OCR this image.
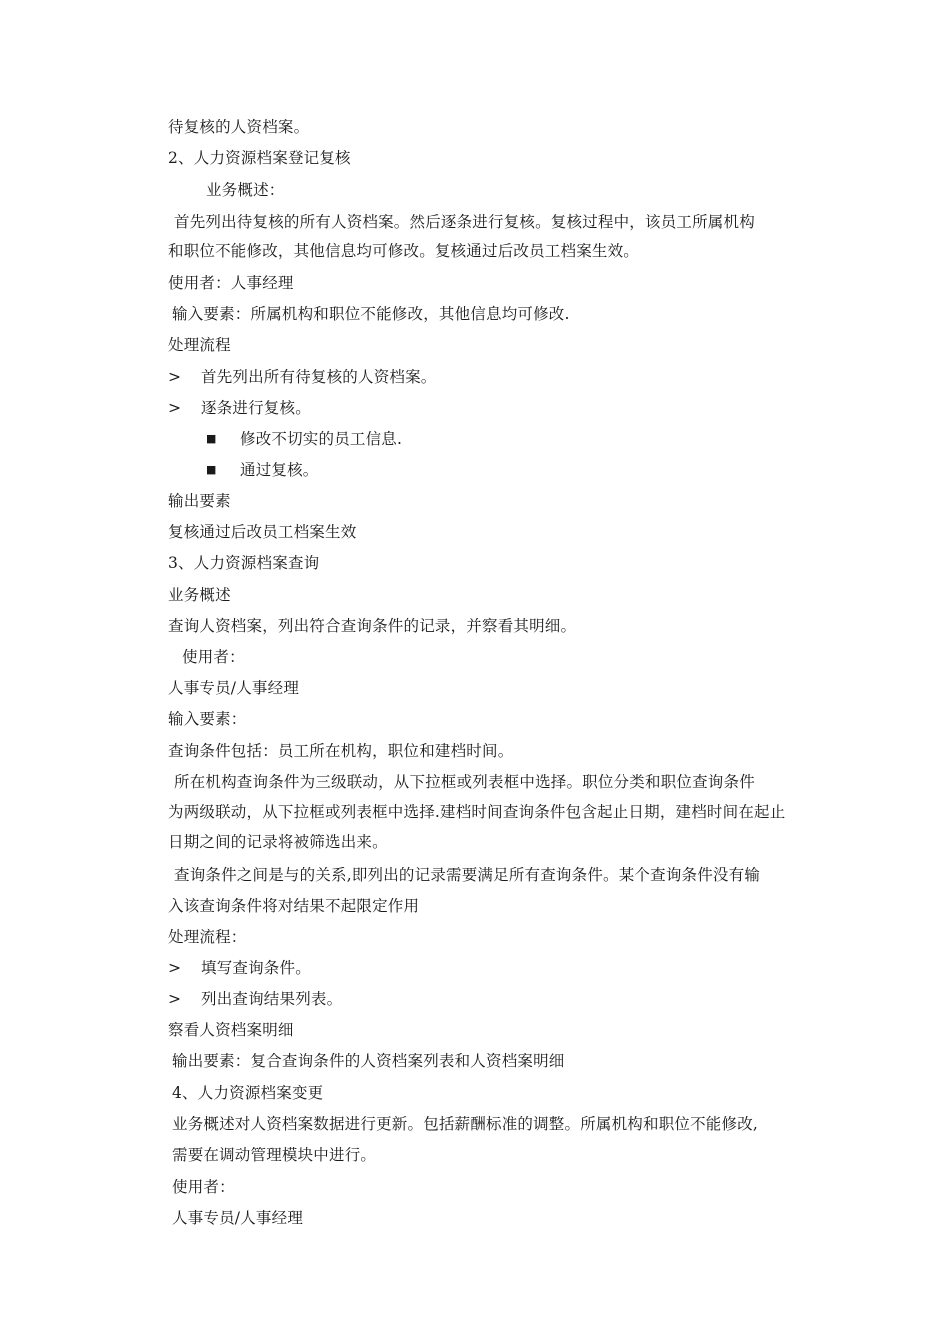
待复核的人资档案。
2、人力资源档案登记复核
业务概述：
首先列出待复核的所有人资档案。然后逐条进行复核。复核过程中，该员工所属机构
和职位不能修改，其他信息均可修改。复核通过后改员工档案生效。
使用者：人事经理
输入要素：所属机构和职位不能修改，其他信息均可修改.
处理流程
> 首先列出所有待复核的人资档案。
> 逐条进行复核。
■	修改不切实的员工信息.
■	通过复核。
输出要素
复核通过后改员工档案生效
3、人力资源档案查询
业务概述
查询人资档案，列出符合查询条件的记录，并察看其明细。
使用者：
人事专员/人事经理
输入要素：
查询条件包括：员工所在机构，职位和建档时间。
所在机构查询条件为三级联动，从下拉框或列表框中选择。职位分类和职位查询条件
为两级联动，从下拉框或列表框中选择.建档时间查询条件包含起止日期，建档时间在起止
日期之间的记录将被筛选出来。
查询条件之间是与的关系,即列出的记录需要满足所有查询条件。某个查询条件没有输
入该查询条件将对结果不起限定作用
处理流程：
> 填写查询条件。
> 列出查询结果列表。
察看人资档案明细
输出要素：复合查询条件的人资档案列表和人资档案明细
4、人力资源档案变更
业务概述对人资档案数据进行更新。包括薪酬标准的调整。所属机构和职位不能修改,
需要在调动管理模块中进行。
使用者：
人事专员/人事经理
